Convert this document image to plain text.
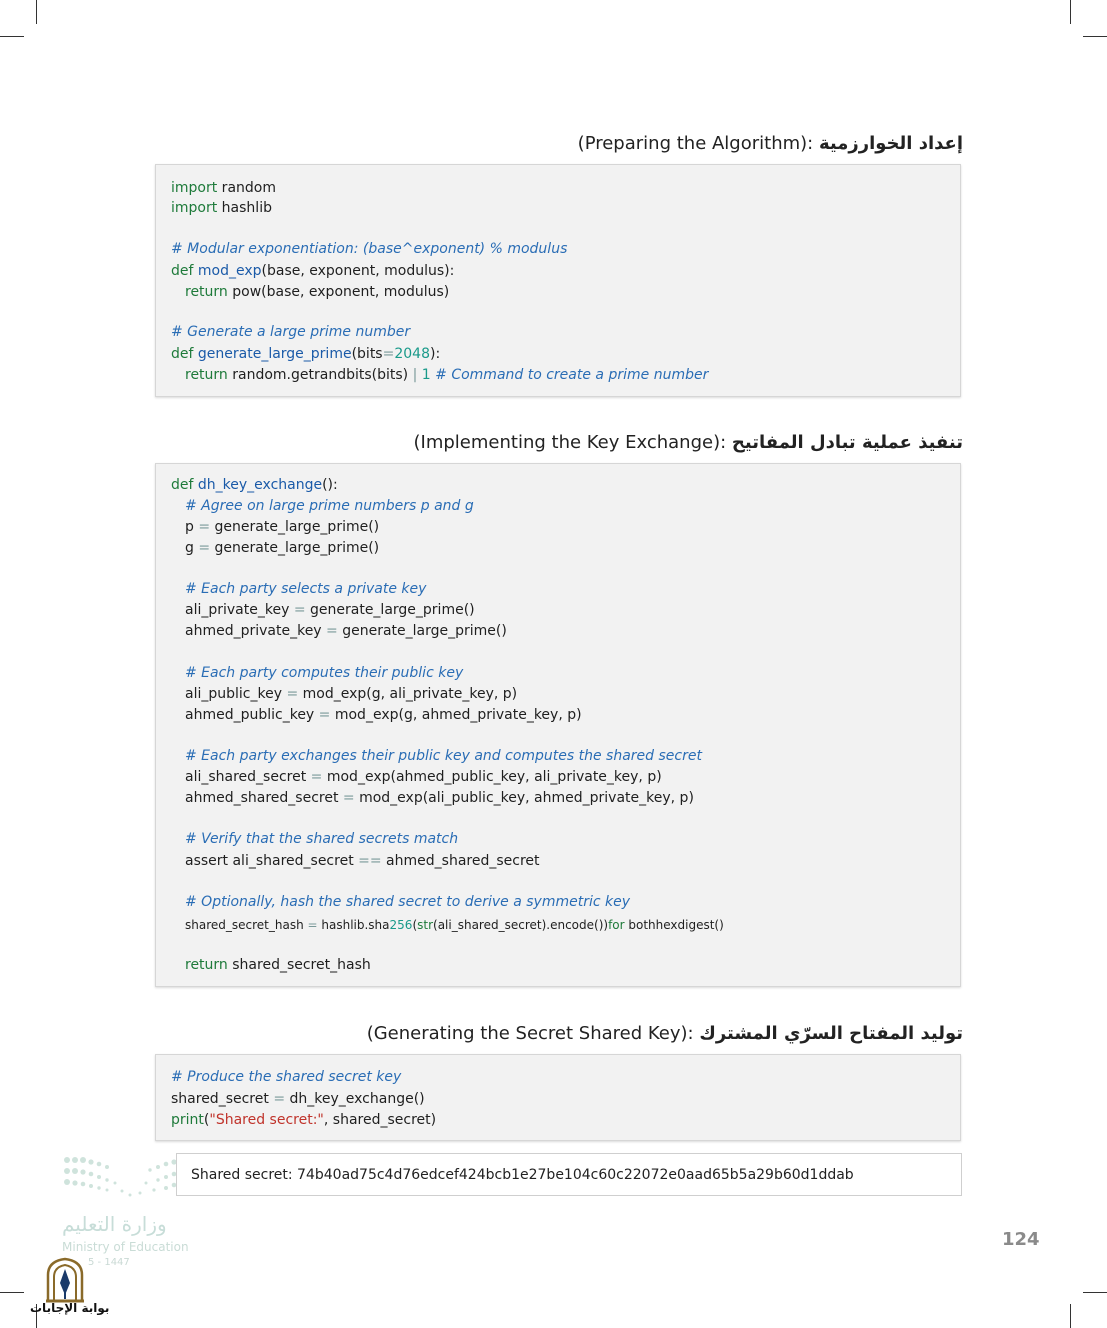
إعداد الخوارزمية (Preparing the Algorithm):
import random
import hashlib
# Modular exponentiation: (base^exponent) % modulus
def mod_exp(base, exponent, modulus):
return pow(base, exponent, modulus)
# Generate a large prime number
def generate_large_prime(bits=2048):
return random.getrandbits(bits) | 1 # Command to create a prime number
تنفيذ عملية تبادل المفاتيح (Implementing the Key Exchange):
def dh_key_exchange():
# Agree on large prime numbers p and g
p = generate_large_prime()
g = generate_large_prime()
# Each party selects a private key
ali_private_key = generate_large_prime()
ahmed_private_key = generate_large_prime()
# Each party computes their public key
ali_public_key = mod_exp(g, ali_private_key, p)
ahmed_public_key = mod_exp(g, ahmed_private_key, p)
# Each party exchanges their public key and computes the shared secret
ali_shared_secret = mod_exp(ahmed_public_key, ali_private_key, p)
ahmed_shared_secret = mod_exp(ali_public_key, ahmed_private_key, p)
# Verify that the shared secrets match
assert ali_shared_secret == ahmed_shared_secret
# Optionally, hash the shared secret to derive a symmetric key
shared_secret_hash = hashlib.sha256(str(ali_shared_secret).encode())for bothhexdigest()
return shared_secret_hash
توليد المفتاح السرّي المشترك (Generating the Secret Shared Key):
# Produce the shared secret key
shared_secret = dh_key_exchange()
print("Shared secret:", shared_secret)
Shared secret: 74b40ad75c4d76edcef424bcb1e27be104c60c22072e0aad65b5a29b60d1ddab
وزارة التعليم
Ministry of Education
5 - 1447
124
بوابة الإجابات
